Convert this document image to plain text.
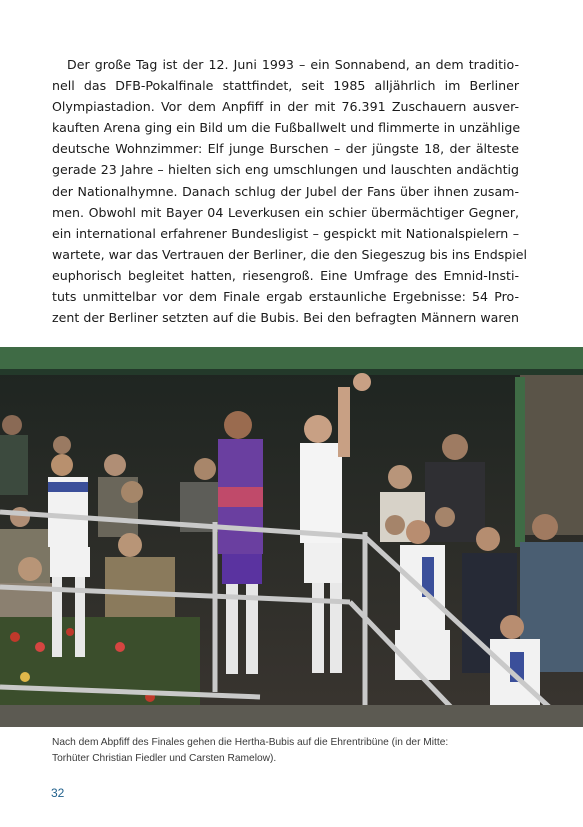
Der große Tag ist der 12. Juni 1993 – ein Sonnabend, an dem traditio-
nell das DFB-Pokalfinale stattfindet, seit 1985 alljährlich im Berliner
Olympiastadion. Vor dem Anpfiff in der mit 76.391 Zuschauern ausver-
kauften Arena ging ein Bild um die Fußballwelt und flimmerte in unzählige
deutsche Wohnzimmer: Elf junge Burschen – der jüngste 18, der älteste
gerade 23 Jahre – hielten sich eng umschlungen und lauschten andächtig
der Nationalhymne. Danach schlug der Jubel der Fans über ihnen zusam-
men. Obwohl mit Bayer 04 Leverkusen ein schier übermächtiger Gegner,
ein international erfahrener Bundesligist – gespickt mit Nationalspielern –
wartete, war das Vertrauen der Berliner, die den Siegeszug bis ins Endspiel
euphorisch begleitet hatten, riesengroß. Eine Umfrage des Emnid-Insti-
tuts unmittelbar vor dem Finale ergab erstaunliche Ergebnisse: 54 Pro-
zent der Berliner setzten auf die Bubis. Bei den befragten Männern waren
Nach dem Abpfiff des Finales gehen die Hertha-Bubis auf die Ehrentribüne (in der Mitte:
Torhüter Christian Fiedler und Carsten Ramelow).
32
